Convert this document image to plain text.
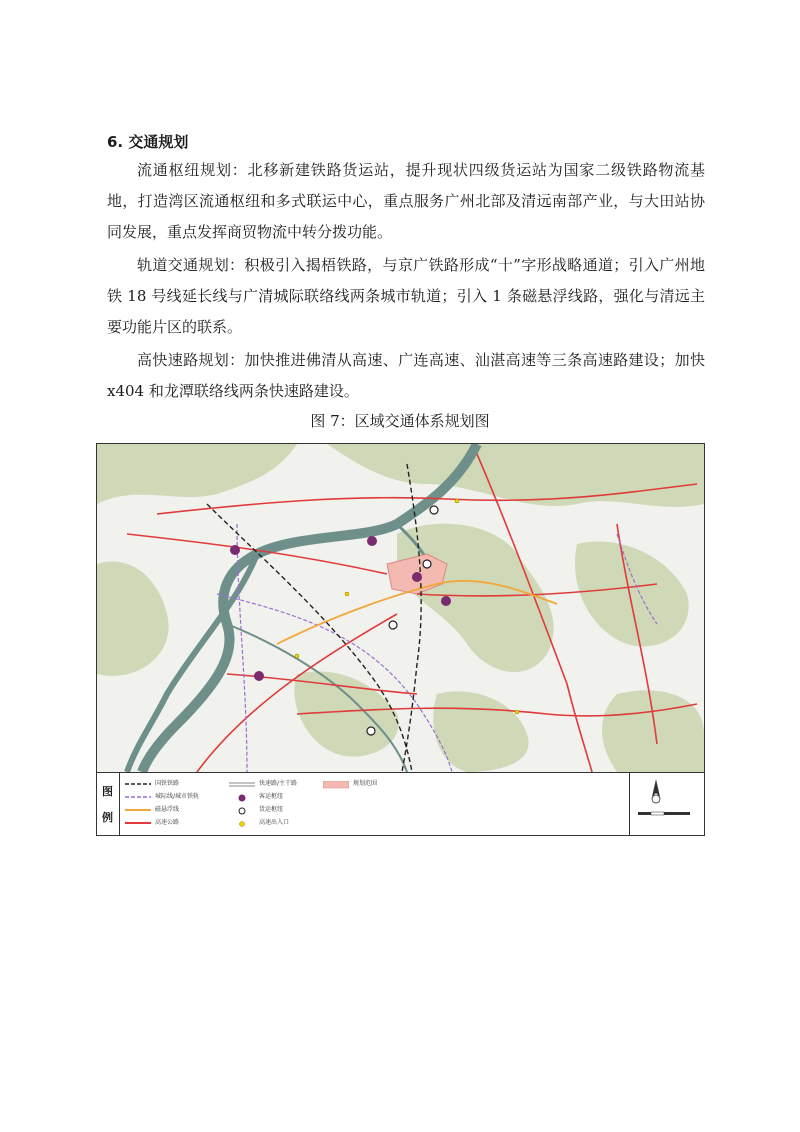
6. 交通规划

流通枢纽规划：北移新建铁路货运站，提升现状四级货运站为国家二级铁路物流基地，打造湾区流通枢纽和多式联运中心，重点服务广州北部及清远南部产业，与大田站协同发展，重点发挥商贸物流中转分拨功能。

轨道交通规划：积极引入揭梧铁路，与京广铁路形成“十”字形战略通道；引入广州地铁 18 号线延长线与广清城际联络线两条城市轨道；引入 1 条磁悬浮线路，强化与清远主要功能片区的联系。

高快速路规划：加快推进佛清从高速、广连高速、汕湛高速等三条高速路建设；加快 x404 和龙潭联络线两条快速路建设。

图 7：区域交通体系规划图
图
例
国铁铁路
城际线/城市铁轨
磁悬浮线
高速公路
快速路/主干路
客运枢纽
货运枢纽
高速出入口
规划范围
